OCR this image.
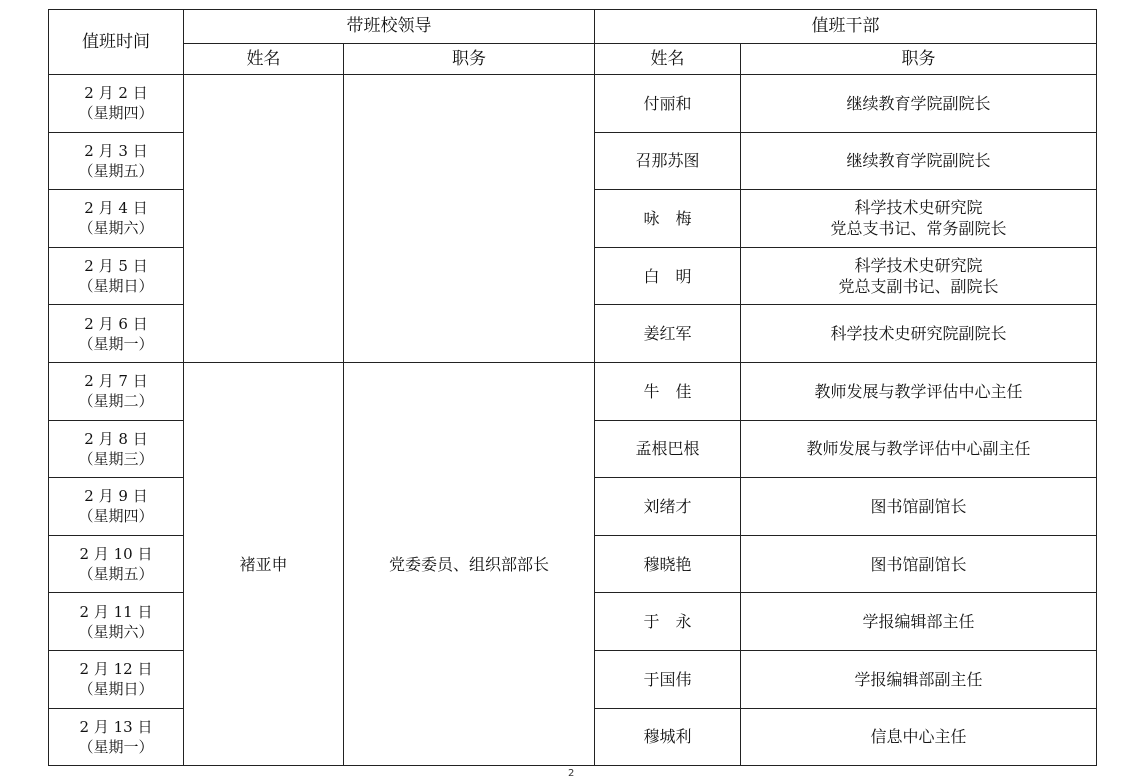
值班时间	带班校领导		值班干部	
	姓名	职务	姓名	职务

2 月 2 日
（星期四）			付丽和	继续教育学院副院长

2 月 3 日
（星期五）			召那苏图	继续教育学院副院长

2 月 4 日
（星期六）			咏　梅	科学技术史研究院
党总支书记、常务副院长

2 月 5 日
（星期日）			白　明	科学技术史研究院
党总支副书记、副院长

2 月 6 日
（星期一）			姜红军	科学技术史研究院副院长

2 月 7 日
（星期二）	褚亚申	党委委员、组织部部长	牛　佳	教师发展与教学评估中心主任

2 月 8 日
（星期三）			孟根巴根	教师发展与教学评估中心副主任

2 月 9 日
（星期四）			刘绪才	图书馆副馆长

2 月 10 日
（星期五）			穆晓艳	图书馆副馆长

2 月 11 日
（星期六）			于　永	学报编辑部主任

2 月 12 日
（星期日）			于国伟	学报编辑部副主任

2 月 13 日
（星期一）			穆城利	信息中心主任
2
